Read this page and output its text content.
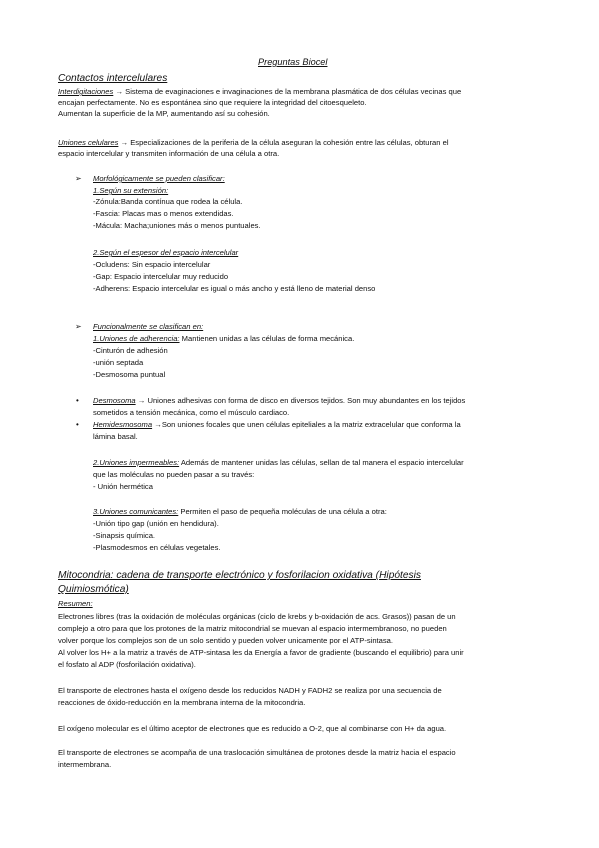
Preguntas Biocel
Contactos intercelulares
Interdigitaciones → Sistema de evaginaciones e invaginaciones de la membrana plasmática de dos células vecinas que
encajan perfectamente. No es espontánea sino que requiere la integridad del citoesqueleto.
Aumentan la superficie de la MP, aumentando así su cohesión.
Uniones celulares → Especializaciones de la periferia de la célula aseguran la cohesión entre las células, obturan el
espacio intercelular y transmiten información de una célula a otra.
➢ Morfológicamente se pueden clasificar:
1.Según su extensión:
-Zónula:Banda contínua que rodea la célula.
-Fascia: Placas mas o menos extendidas.
-Mácula: Macha;uniones más o menos puntuales.
2.Según el espesor del espacio intercelular
-Ocludens: Sin espacio intercelular
-Gap: Espacio intercelular muy reducido
-Adherens: Espacio intercelular es igual o más ancho y está lleno de material denso
➢ Funcionalmente se clasifican en:
1.Uniones de adherencia: Mantienen unidas a las células de forma mecánica.
-Cinturón de adhesión
-unión septada
-Desmosoma puntual
• Desmosoma → Uniones adhesivas con forma de disco en diversos tejidos. Son muy abundantes en los tejidos
sometidos a tensión mecánica, como el músculo cardiaco.
• Hemidesmosoma →Son uniones focales que unen células epiteliales a la matriz extracelular que conforma la
lámina basal.
2.Uniones impermeables: Además de mantener unidas las células, sellan de tal manera el espacio intercelular
que las moléculas no pueden pasar a su través:
- Unión hermética
3.Uniones comunicantes: Permiten el paso de pequeña moléculas de una célula a otra:
-Unión tipo gap (unión en hendidura).
-Sinapsis química.
-Plasmodesmos en células vegetales.
Mitocondria: cadena de transporte electrónico y fosforilacion oxidativa (Hipótesis
Quimiosmótica)
Resumen:
Electrones libres (tras la oxidación de moléculas orgánicas (ciclo de krebs y b-oxidación de acs. Grasos)) pasan de un
complejo a otro para que los protones de la matriz mitocondrial se muevan al espacio intermembranoso, no pueden
volver porque los complejos son de un solo sentido y pueden volver unicamente por el ATP-sintasa.
Al volver los H+ a la matriz a través de ATP-sintasa les da Energía a favor de gradiente (buscando el equilibrio) para unir
el fosfato al ADP (fosforilación oxidativa).
El transporte de electrones hasta el oxígeno desde los reducidos NADH y FADH2 se realiza por una secuencia de
reacciones de óxido-reducción en la membrana interna de la mitocondria.
El oxígeno molecular es el último aceptor de electrones que es reducido a O-2, que al combinarse con H+ da agua.
El transporte de electrones se acompaña de una traslocación simultánea de protones desde la matriz hacia el espacio
intermembrana.
